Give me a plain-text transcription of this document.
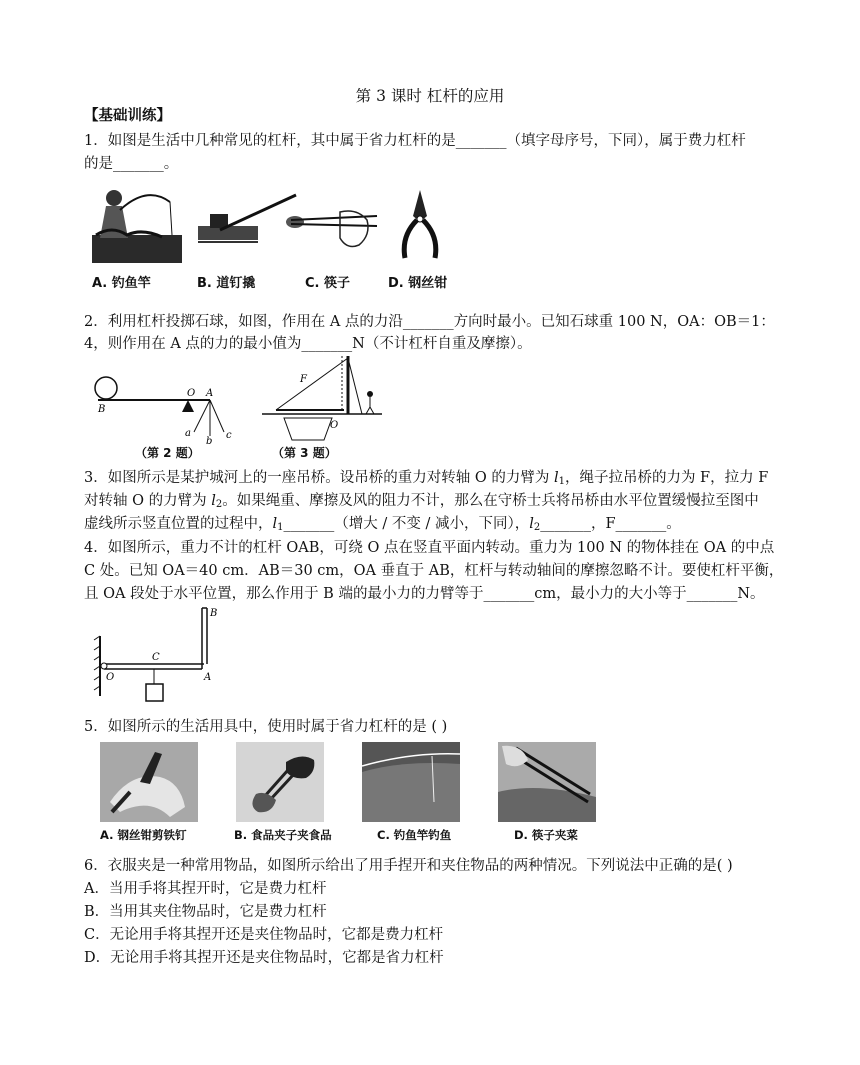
第 3 课时 杠杆的应用
【基础训练】
1．如图是生活中几种常见的杠杆，其中属于省力杠杆的是_______（填字母序号，下同），属于费力杠杆
的是_______。
A. 钓鱼竿	B. 道钉撬	C. 筷子	D. 钢丝钳
2．利用杠杆投掷石球，如图，作用在 A 点的力沿_______方向时最小。已知石球重 100 N，OA：OB＝1：
4，则作用在 A 点的力的最小值为_______N（不计杠杆自重及摩擦）。
B
O A
a
b
c
（第 2 题）
F
O
（第 3 题）
3．如图所示是某护城河上的一座吊桥。设吊桥的重力对转轴 O 的力臂为 $l_1$，绳子拉吊桥的力为 F，拉力 F
对转轴 O 的力臂为 $l_2$。如果绳重、摩擦及风的阻力不计，那么在守桥士兵将吊桥由水平位置缓慢拉至图中
虚线所示竖直位置的过程中，$l_1\_\_\_\_\_\_\_$（增大 / 不变 / 减小，下同），$l_2\_\_\_\_\_\_\_$，F_______。
4．如图所示，重力不计的杠杆 OAB，可绕 O 点在竖直平面内转动。重力为 100 N 的物体挂在 OA 的中点
C 处。已知 OA＝40 cm．AB＝30 cm，OA 垂直于 AB，杠杆与转动轴间的摩擦忽略不计。要使杠杆平衡，
且 OA 段处于水平位置，那么作用于 B 端的最小力的力臂等于_______cm，最小力的大小等于_______N。
B
C
O	A
5．如图所示的生活用具中，使用时属于省力杠杆的是 ( )
A. 钢丝钳剪铁钉	B. 食品夹子夹食品	C. 钓鱼竿钓鱼	D. 筷子夹菜
6．衣服夹是一种常用物品，如图所示给出了用手捏开和夹住物品的两种情况。下列说法中正确的是( )
A．当用手将其捏开时，它是费力杠杆
B．当用其夹住物品时，它是费力杠杆
C．无论用手将其捏开还是夹住物品时，它都是费力杠杆
D．无论用手将其捏开还是夹住物品时，它都是省力杠杆
